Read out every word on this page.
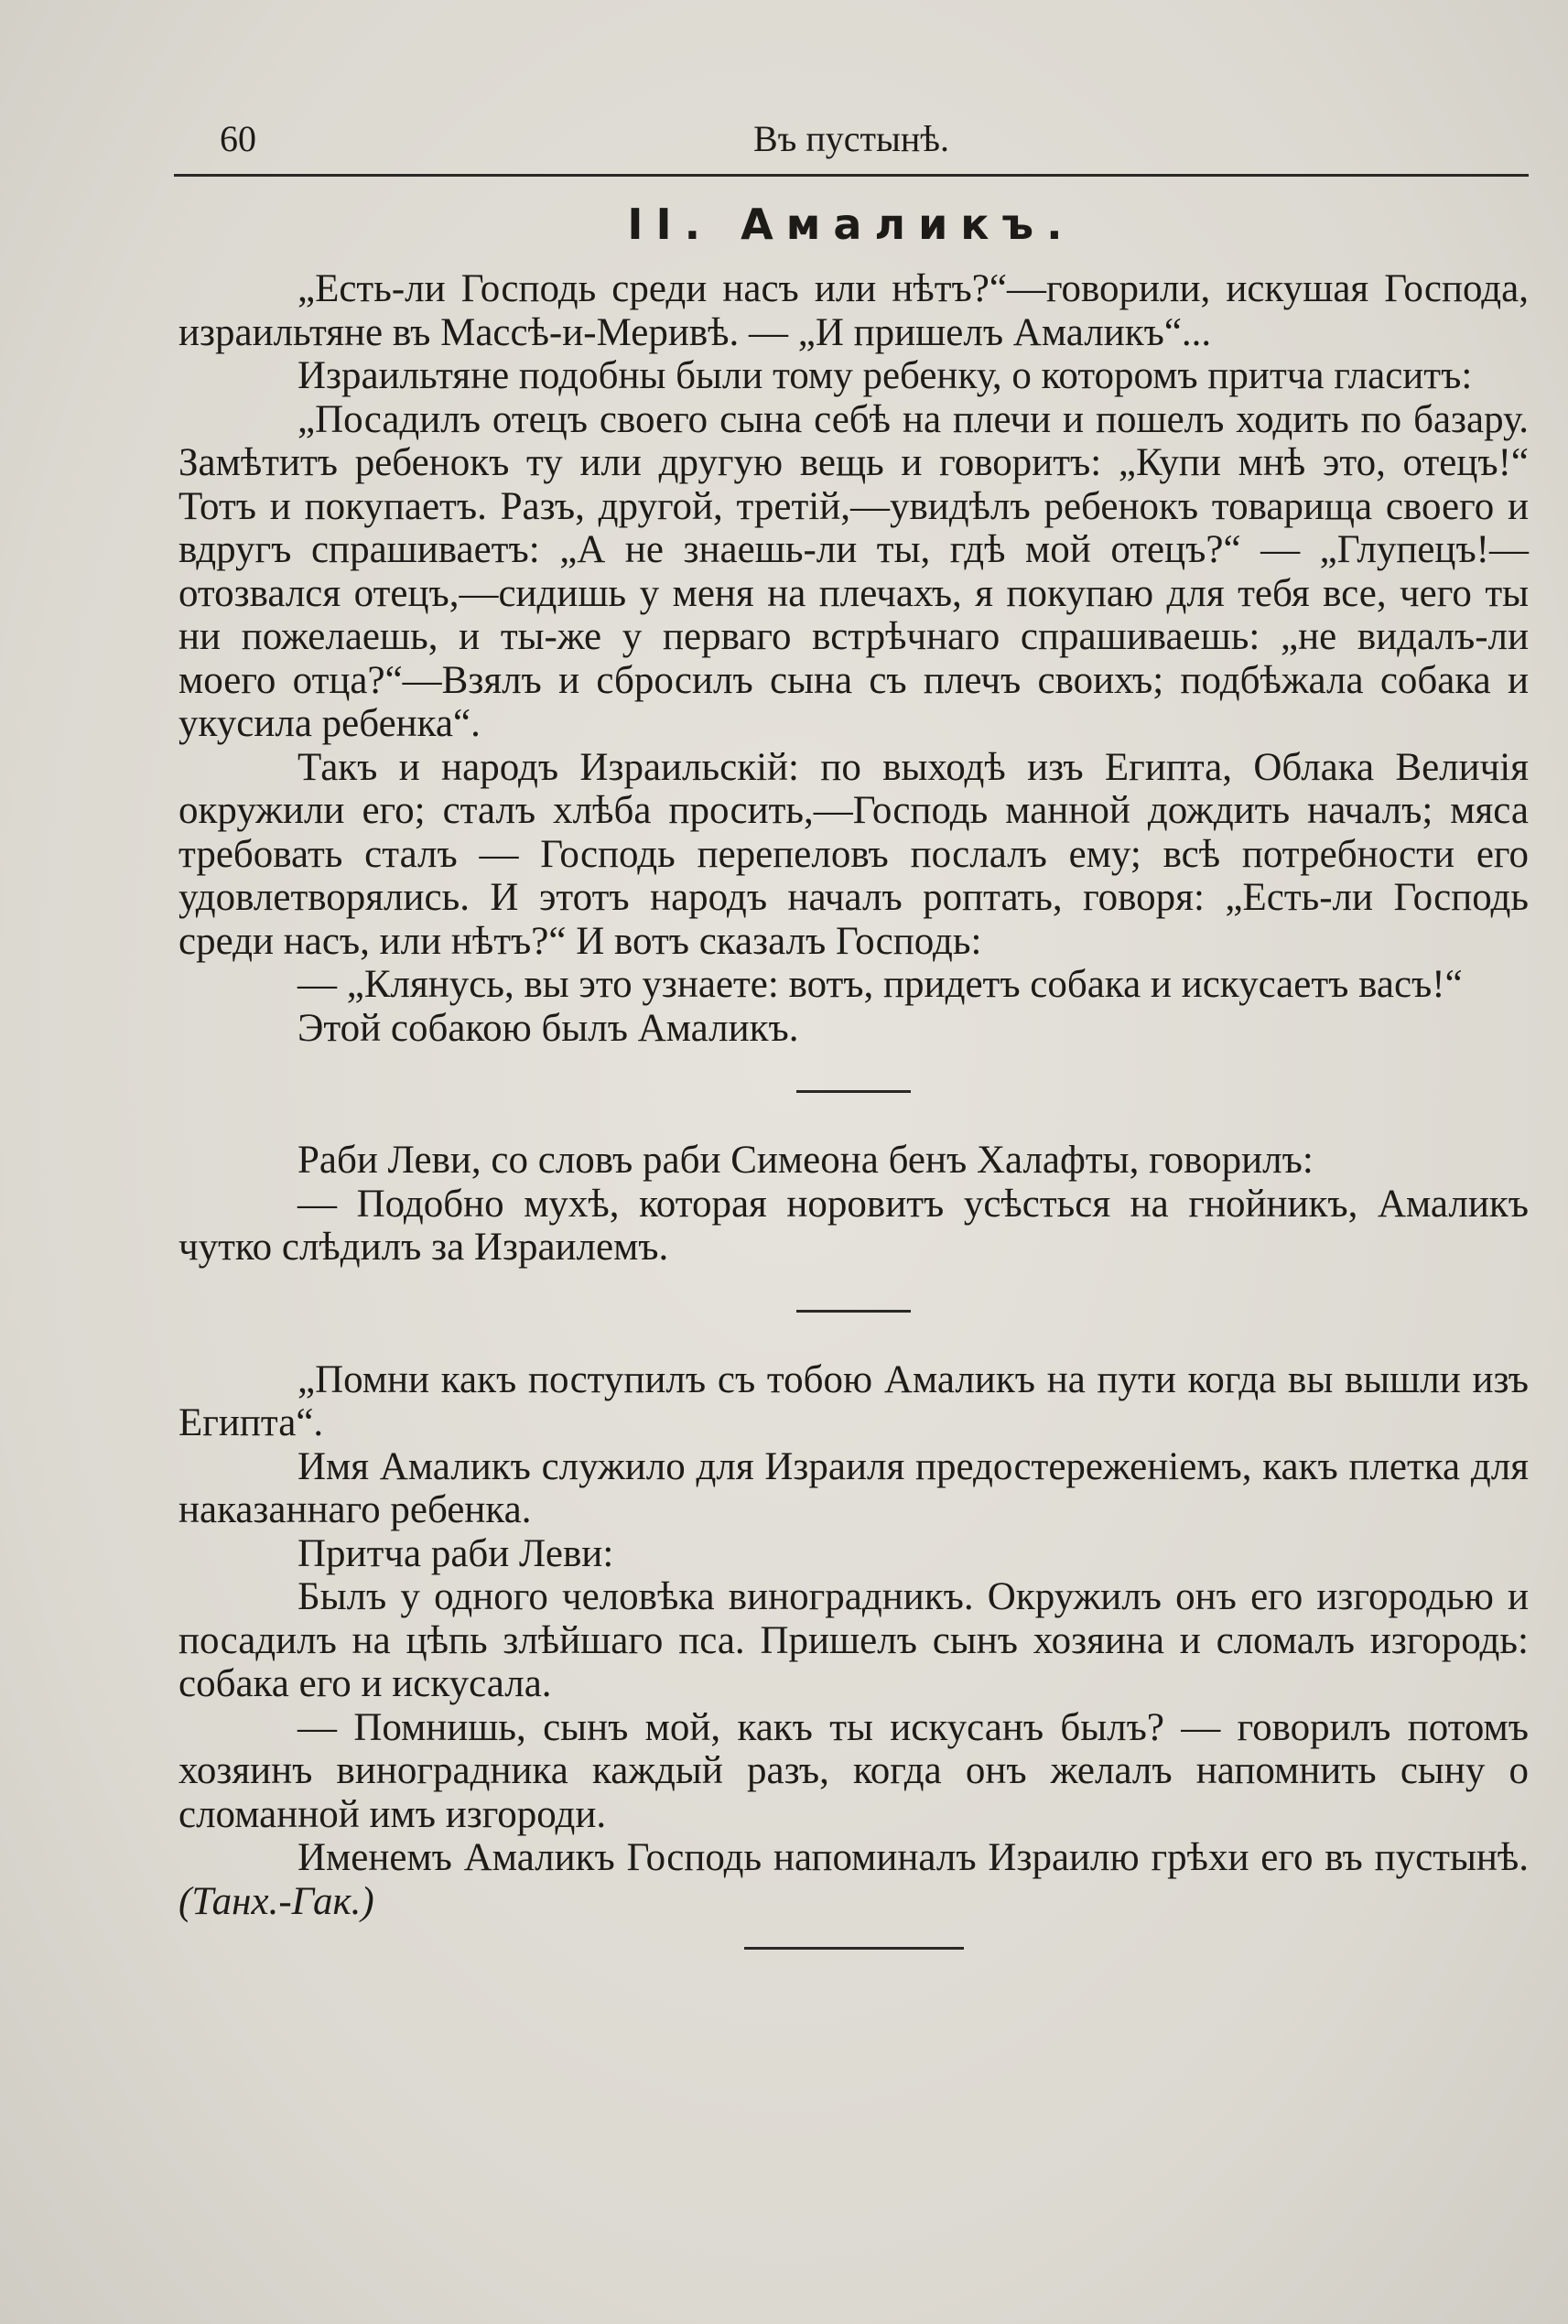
60	Въ пустынѣ.
II. Амаликъ.

„Есть-ли Господь среди насъ или нѣтъ?“—говорили, искушая Господа, израильтяне въ Массѣ-и-Меривѣ. — „И пришелъ Амаликъ“...

Израильтяне подобны были тому ребенку, о которомъ притча гласитъ:

„Посадилъ отецъ своего сына себѣ на плечи и пошелъ ходить по базару. Замѣтитъ ребенокъ ту или другую вещь и говоритъ: „Купи мнѣ это, отецъ!“ Тотъ и покупаетъ. Разъ, другой, третій,—увидѣлъ ребенокъ товарища своего и вдругъ спрашиваетъ: „А не знаешь-ли ты, гдѣ мой отецъ?“ — „Глупецъ!—отозвался отецъ,—сидишь у меня на плечахъ, я покупаю для тебя все, чего ты ни пожелаешь, и ты-же у перваго встрѣчнаго спрашиваешь: „не видалъ-ли моего отца?“—Взялъ и сбросилъ сына съ плечъ своихъ; подбѣжала собака и укусила ребенка“.

Такъ и народъ Израильскій: по выходѣ изъ Египта, Облака Величія окружили его; сталъ хлѣба просить,—Господь манной дождить началъ; мяса требовать сталъ — Господь перепеловъ послалъ ему; всѣ потребности его удовлетворялись. И этотъ народъ началъ роптать, говоря: „Есть-ли Господь среди насъ, или нѣтъ?“ И вотъ сказалъ Господь:

— „Клянусь, вы это узнаете: вотъ, придетъ собака и искусаетъ васъ!“

Этой собакою былъ Амаликъ.

Раби Леви, со словъ раби Симеона бенъ Халафты, говорилъ:

— Подобно мухѣ, которая норовитъ усѣсться на гнойникъ, Амаликъ чутко слѣдилъ за Израилемъ.

„Помни какъ поступилъ съ тобою Амаликъ на пути когда вы вышли изъ Египта“.

Имя Амаликъ служило для Израиля предостереженіемъ, какъ плетка для наказаннаго ребенка.

Притча раби Леви:

Былъ у одного человѣка виноградникъ. Окружилъ онъ его изгородью и посадилъ на цѣпь злѣйшаго пса. Пришелъ сынъ хозяина и сломалъ изгородь: собака его и искусала.

— Помнишь, сынъ мой, какъ ты искусанъ былъ? — говорилъ потомъ хозяинъ виноградника каждый разъ, когда онъ желалъ напомнить сыну о сломанной имъ изгороди.

Именемъ Амаликъ Господь напоминалъ Израилю грѣхи его въ пустынѣ. (Танх.-Гак.)
